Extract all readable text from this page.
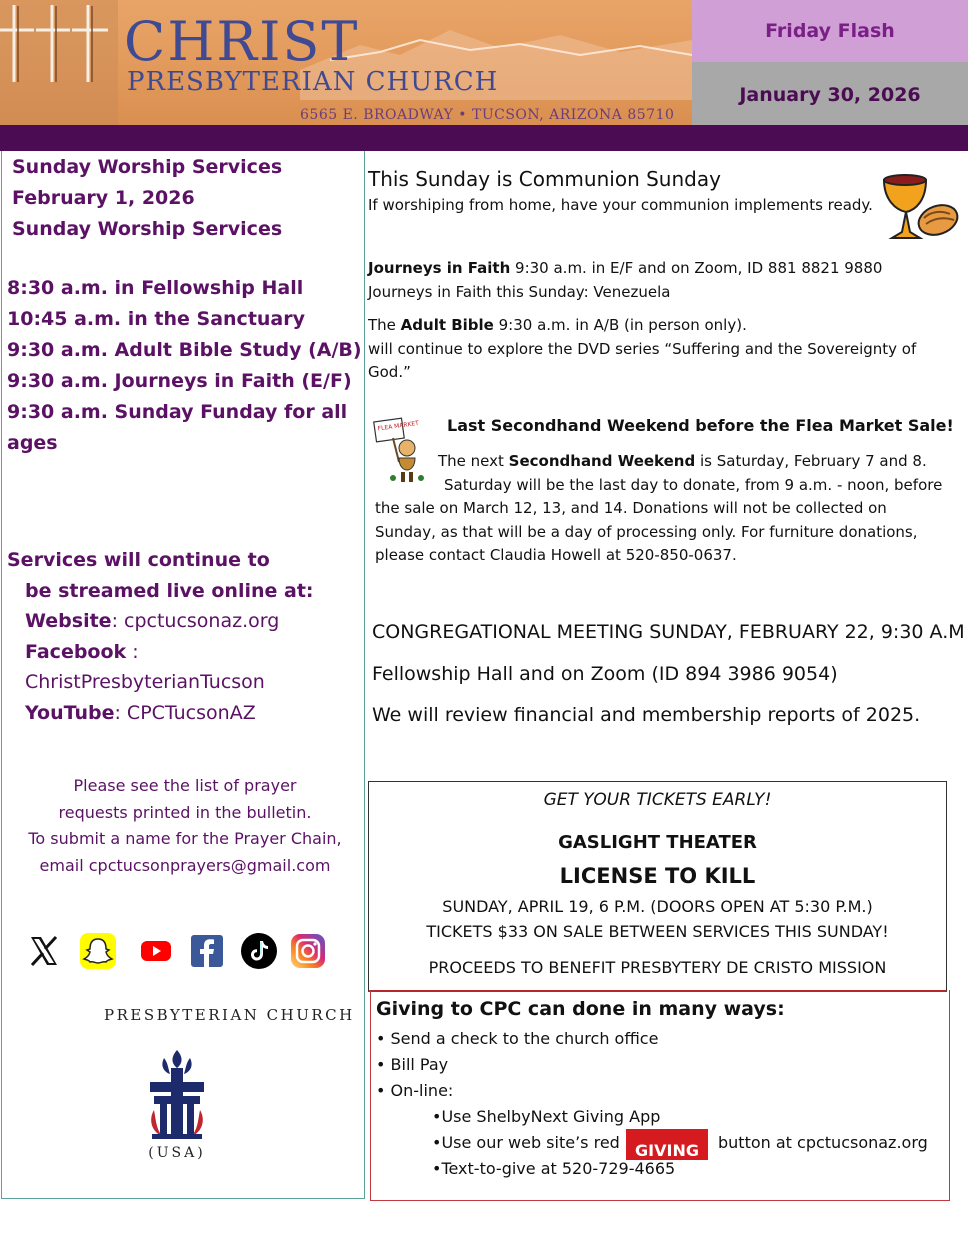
CHRIST
PRESBYTERIAN CHURCH
6565 E. BROADWAY • TUCSON, ARIZONA 85710
Friday Flash
January 30, 2026
Sunday Worship Services
February 1, 2026
Sunday Worship Services
8:30 a.m. in Fellowship Hall
10:45 a.m. in the Sanctuary
9:30 a.m. Adult Bible Study (A/B)
9:30 a.m. Journeys in Faith (E/F)
9:30 a.m. Sunday Funday for all
ages
Services will continue to
be streamed live online at:
Website: cpctucsonaz.org
Facebook :
ChristPresbyterianTucson
YouTube: CPCTucsonAZ
Please see the list of prayer
requests printed in the bulletin.
To submit a name for the Prayer Chain,
email cpctucsonprayers@gmail.com
PRESBYTERIAN CHURCH
(USA)
This Sunday is Communion Sunday
If worshiping from home, have your communion implements ready.
Journeys in Faith 9:30 a.m. in E/F and on Zoom, ID 881 8821 9880
Journeys in Faith this Sunday: Venezuela
The Adult Bible 9:30 a.m. in A/B (in person only).
will continue to explore the DVD series “Suffering and the Sovereignty of
God.”
FLEA MARKET Last Secondhand Weekend before the Flea Market Sale!
The next Secondhand Weekend is Saturday, February 7 and 8.
Saturday will be the last day to donate, from 9 a.m. - noon, before
the sale on March 12, 13, and 14. Donations will not be collected on
Sunday, as that will be a day of processing only. For furniture donations,
please contact Claudia Howell at 520-850-0637.
CONGREGATIONAL MEETING SUNDAY, FEBRUARY 22, 9:30 A.M
Fellowship Hall and on Zoom (ID 894 3986 9054)
We will review financial and membership reports of 2025.
GET YOUR TICKETS EARLY!
GASLIGHT THEATER
LICENSE TO KILL
SUNDAY, APRIL 19, 6 P.M. (DOORS OPEN AT 5:30 P.M.)
TICKETS $33 ON SALE BETWEEN SERVICES THIS SUNDAY!
PROCEEDS TO BENEFIT PRESBYTERY DE CRISTO MISSION
Giving to CPC can done in many ways:
• Send a check to the church office
• Bill Pay
• On-line:
•Use ShelbyNext Giving App
•Use our web site’s red GIVING	button at cpctucsonaz.org
•Text-to-give at 520-729-4665
